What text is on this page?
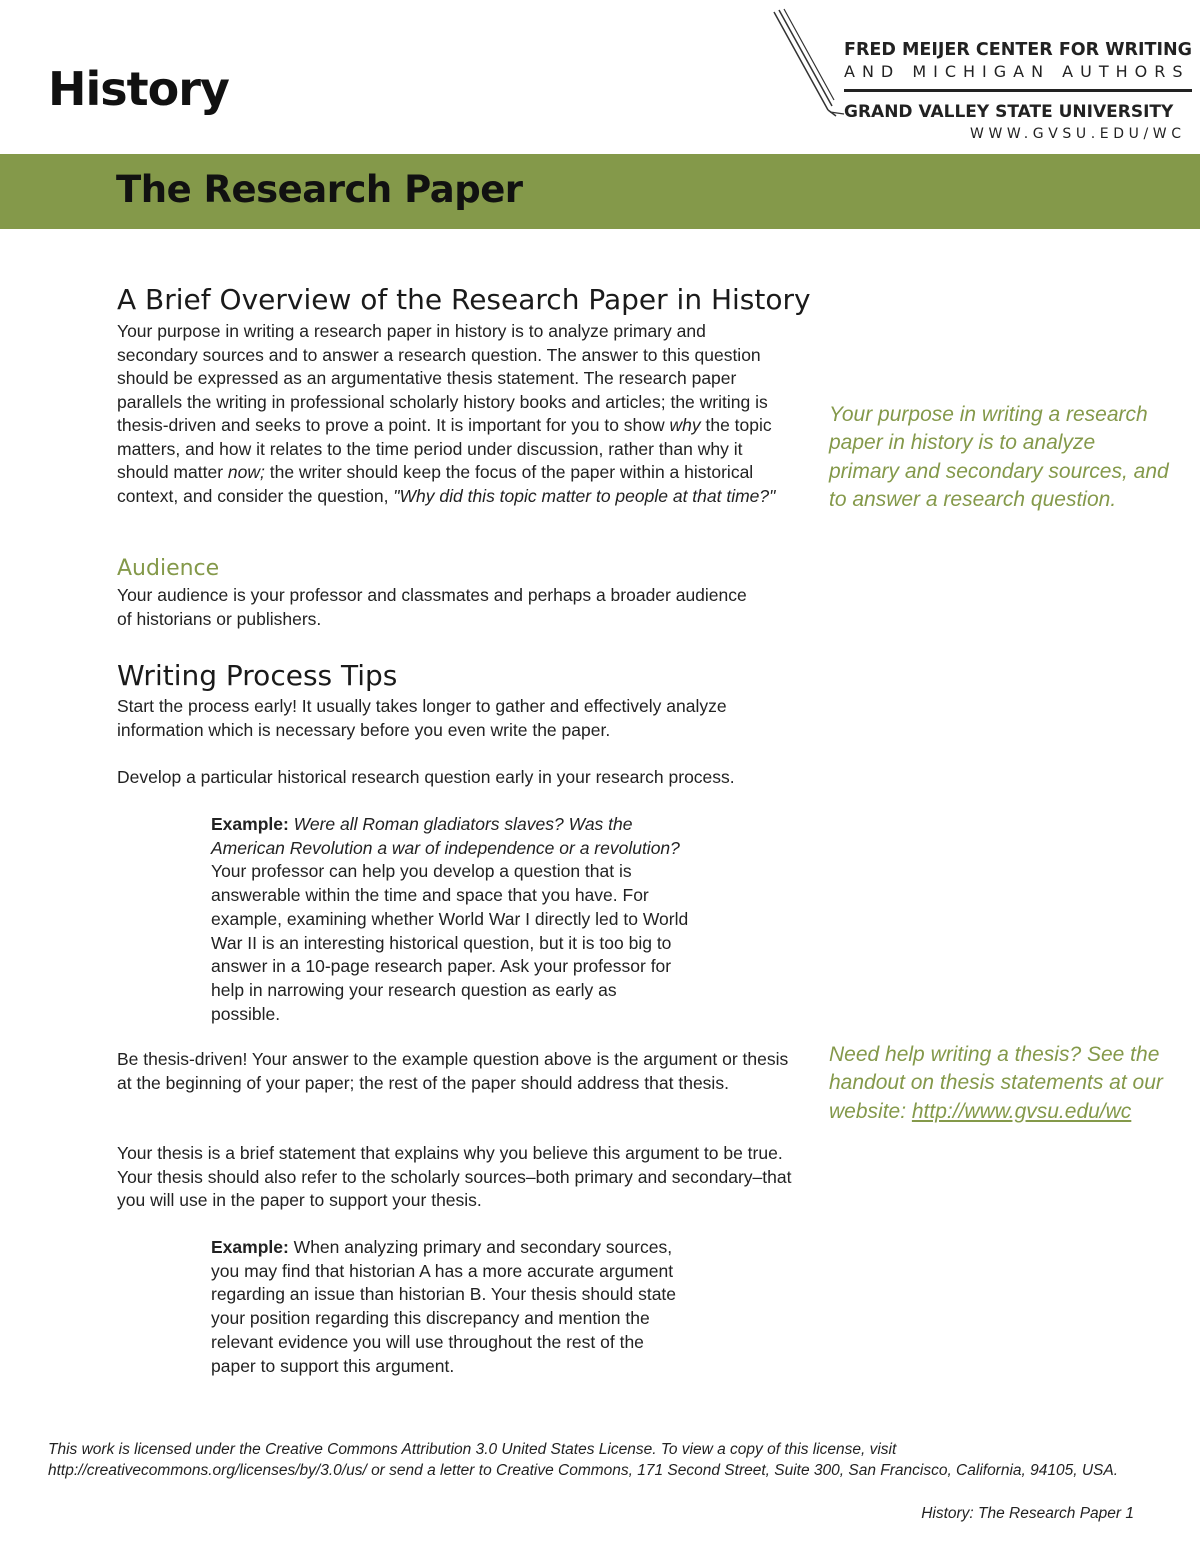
History

FRED MEIJER CENTER FOR WRITING

AND MICHIGAN AUTHORS

GRAND VALLEY STATE UNIVERSITY

WWW.GVSU.EDU/WC

The Research Paper
A Brief Overview of the Research Paper in History

Your purpose in writing a research paper in history is to analyze primary and secondary sources and to answer a research question. The answer to this question should be expressed as an argumentative thesis statement. The research paper parallels the writing in professional scholarly history books and articles; the writing is thesis-driven and seeks to prove a point. It is important for you to show why the topic matters, and how it relates to the time period under discussion, rather than why it should matter now; the writer should keep the focus of the paper within a historical context, and consider the question, "Why did this topic matter to people at that time?"

Audience

Your audience is your professor and classmates and perhaps a broader audience of historians or publishers.

Writing Process Tips

Start the process early! It usually takes longer to gather and effectively analyze information which is necessary before you even write the paper.

Develop a particular historical research question early in your research process.

Example: Were all Roman gladiators slaves? Was the American Revolution a war of independence or a revolution? Your professor can help you develop a question that is answerable within the time and space that you have. For example, examining whether World War I directly led to World War II is an interesting historical question, but it is too big to answer in a 10-page research paper. Ask your professor for help in narrowing your research question as early as possible.

Be thesis-driven! Your answer to the example question above is the argument or thesis at the beginning of your paper; the rest of the paper should address that thesis.

Your thesis is a brief statement that explains why you believe this argument to be true. Your thesis should also refer to the scholarly sources–both primary and secondary–that you will use in the paper to support your thesis.

Example: When analyzing primary and secondary sources, you may find that historian A has a more accurate argument regarding an issue than historian B. Your thesis should state your position regarding this discrepancy and mention the relevant evidence you will use throughout the rest of the paper to support this argument.

Your purpose in writing a research paper in history is to analyze primary and secondary sources, and to answer a research question.

Need help writing a thesis? See the handout on thesis statements at our website: http://www.gvsu.edu/wc

This work is licensed under the Creative Commons Attribution 3.0 United States License. To view a copy of this license, visit http://creativecommons.org/licenses/by/3.0/us/ or send a letter to Creative Commons, 171 Second Street, Suite 300, San Francisco, California, 94105, USA.

History: The Research Paper 1
